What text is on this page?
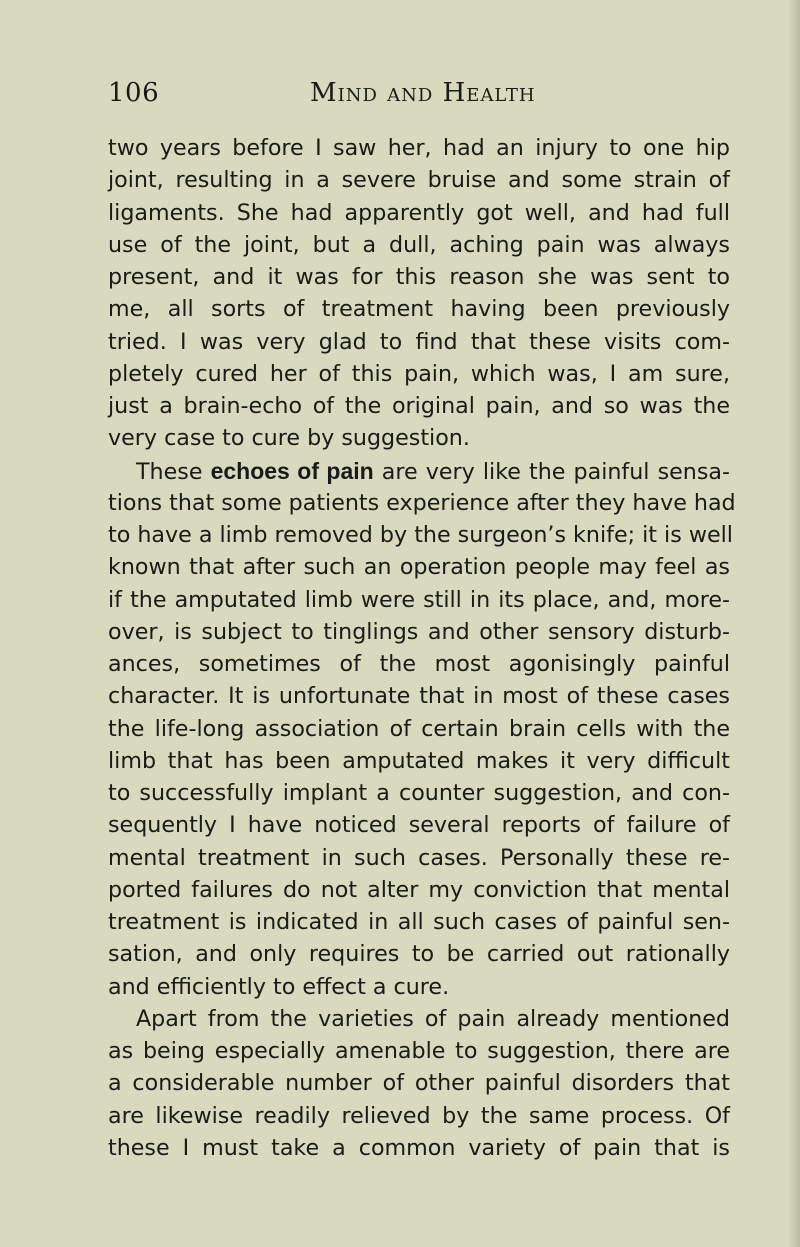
106	Mind and Health
two years before I saw her, had an injury to one hip
joint, resulting in a severe bruise and some strain of
ligaments. She had apparently got well, and had full
use of the joint, but a dull, aching pain was always
present, and it was for this reason she was sent to
me, all sorts of treatment having been previously
tried. I was very glad to find that these visits com-
pletely cured her of this pain, which was, I am sure,
just a brain-echo of the original pain, and so was the
very case to cure by suggestion.
These echoes of pain are very like the painful sensa-
tions that some patients experience after they have had
to have a limb removed by the surgeon’s knife; it is well
known that after such an operation people may feel as
if the amputated limb were still in its place, and, more-
over, is subject to tinglings and other sensory disturb-
ances, sometimes of the most agonisingly painful
character. It is unfortunate that in most of these cases
the life-long association of certain brain cells with the
limb that has been amputated makes it very difficult
to successfully implant a counter suggestion, and con-
sequently I have noticed several reports of failure of
mental treatment in such cases. Personally these re-
ported failures do not alter my conviction that mental
treatment is indicated in all such cases of painful sen-
sation, and only requires to be carried out rationally
and efficiently to effect a cure.
Apart from the varieties of pain already mentioned
as being especially amenable to suggestion, there are
a considerable number of other painful disorders that
are likewise readily relieved by the same process. Of
these I must take a common variety of pain that is
